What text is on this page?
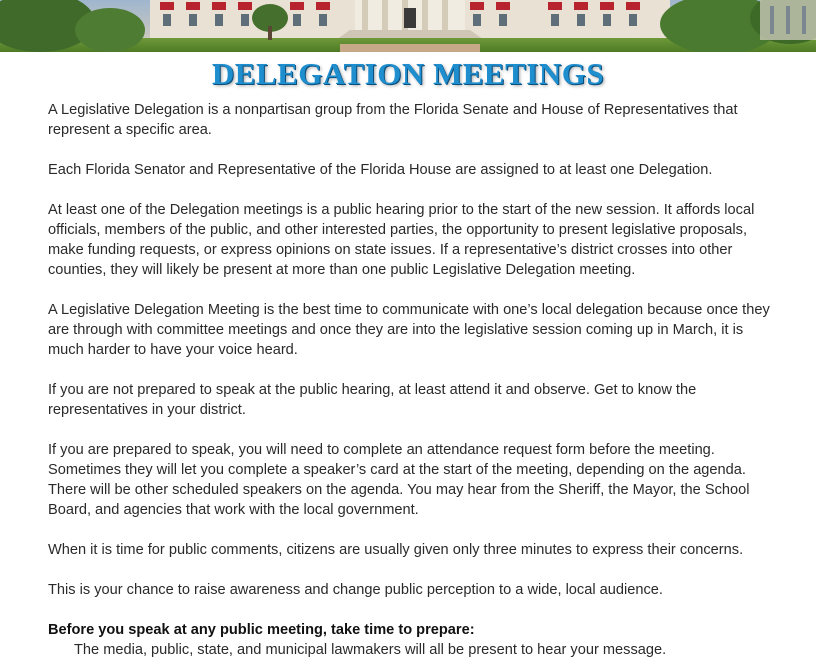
DELEGATION MEETINGS

A Legislative Delegation is a nonpartisan group from the Florida Senate and House of Representatives that represent a specific area.

Each Florida Senator and Representative of the Florida House are assigned to at least one Delegation.

At least one of the Delegation meetings is a public hearing prior to the start of the new session. It affords local officials, members of the public, and other interested parties, the opportunity to present legislative proposals, make funding requests, or express opinions on state issues. If a representative’s district crosses into other counties, they will likely be present at more than one public Legislative Delegation meeting.

A Legislative Delegation Meeting is the best time to communicate with one’s local delegation because once they are through with committee meetings and once they are into the legislative session coming up in March, it is much harder to have your voice heard.

If you are not prepared to speak at the public hearing, at least attend it and observe. Get to know the representatives in your district.

If you are prepared to speak, you will need to complete an attendance request form before the meeting. Sometimes they will let you complete a speaker’s card at the start of the meeting, depending on the agenda. There will be other scheduled speakers on the agenda. You may hear from the Sheriff, the Mayor, the School Board, and agencies that work with the local government.

When it is time for public comments, citizens are usually given only three minutes to express their concerns.

This is your chance to raise awareness and change public perception to a wide, local audience.

Before you speak at any public meeting, take time to prepare:

The media, public, state, and municipal lawmakers will all be present to hear your message.
